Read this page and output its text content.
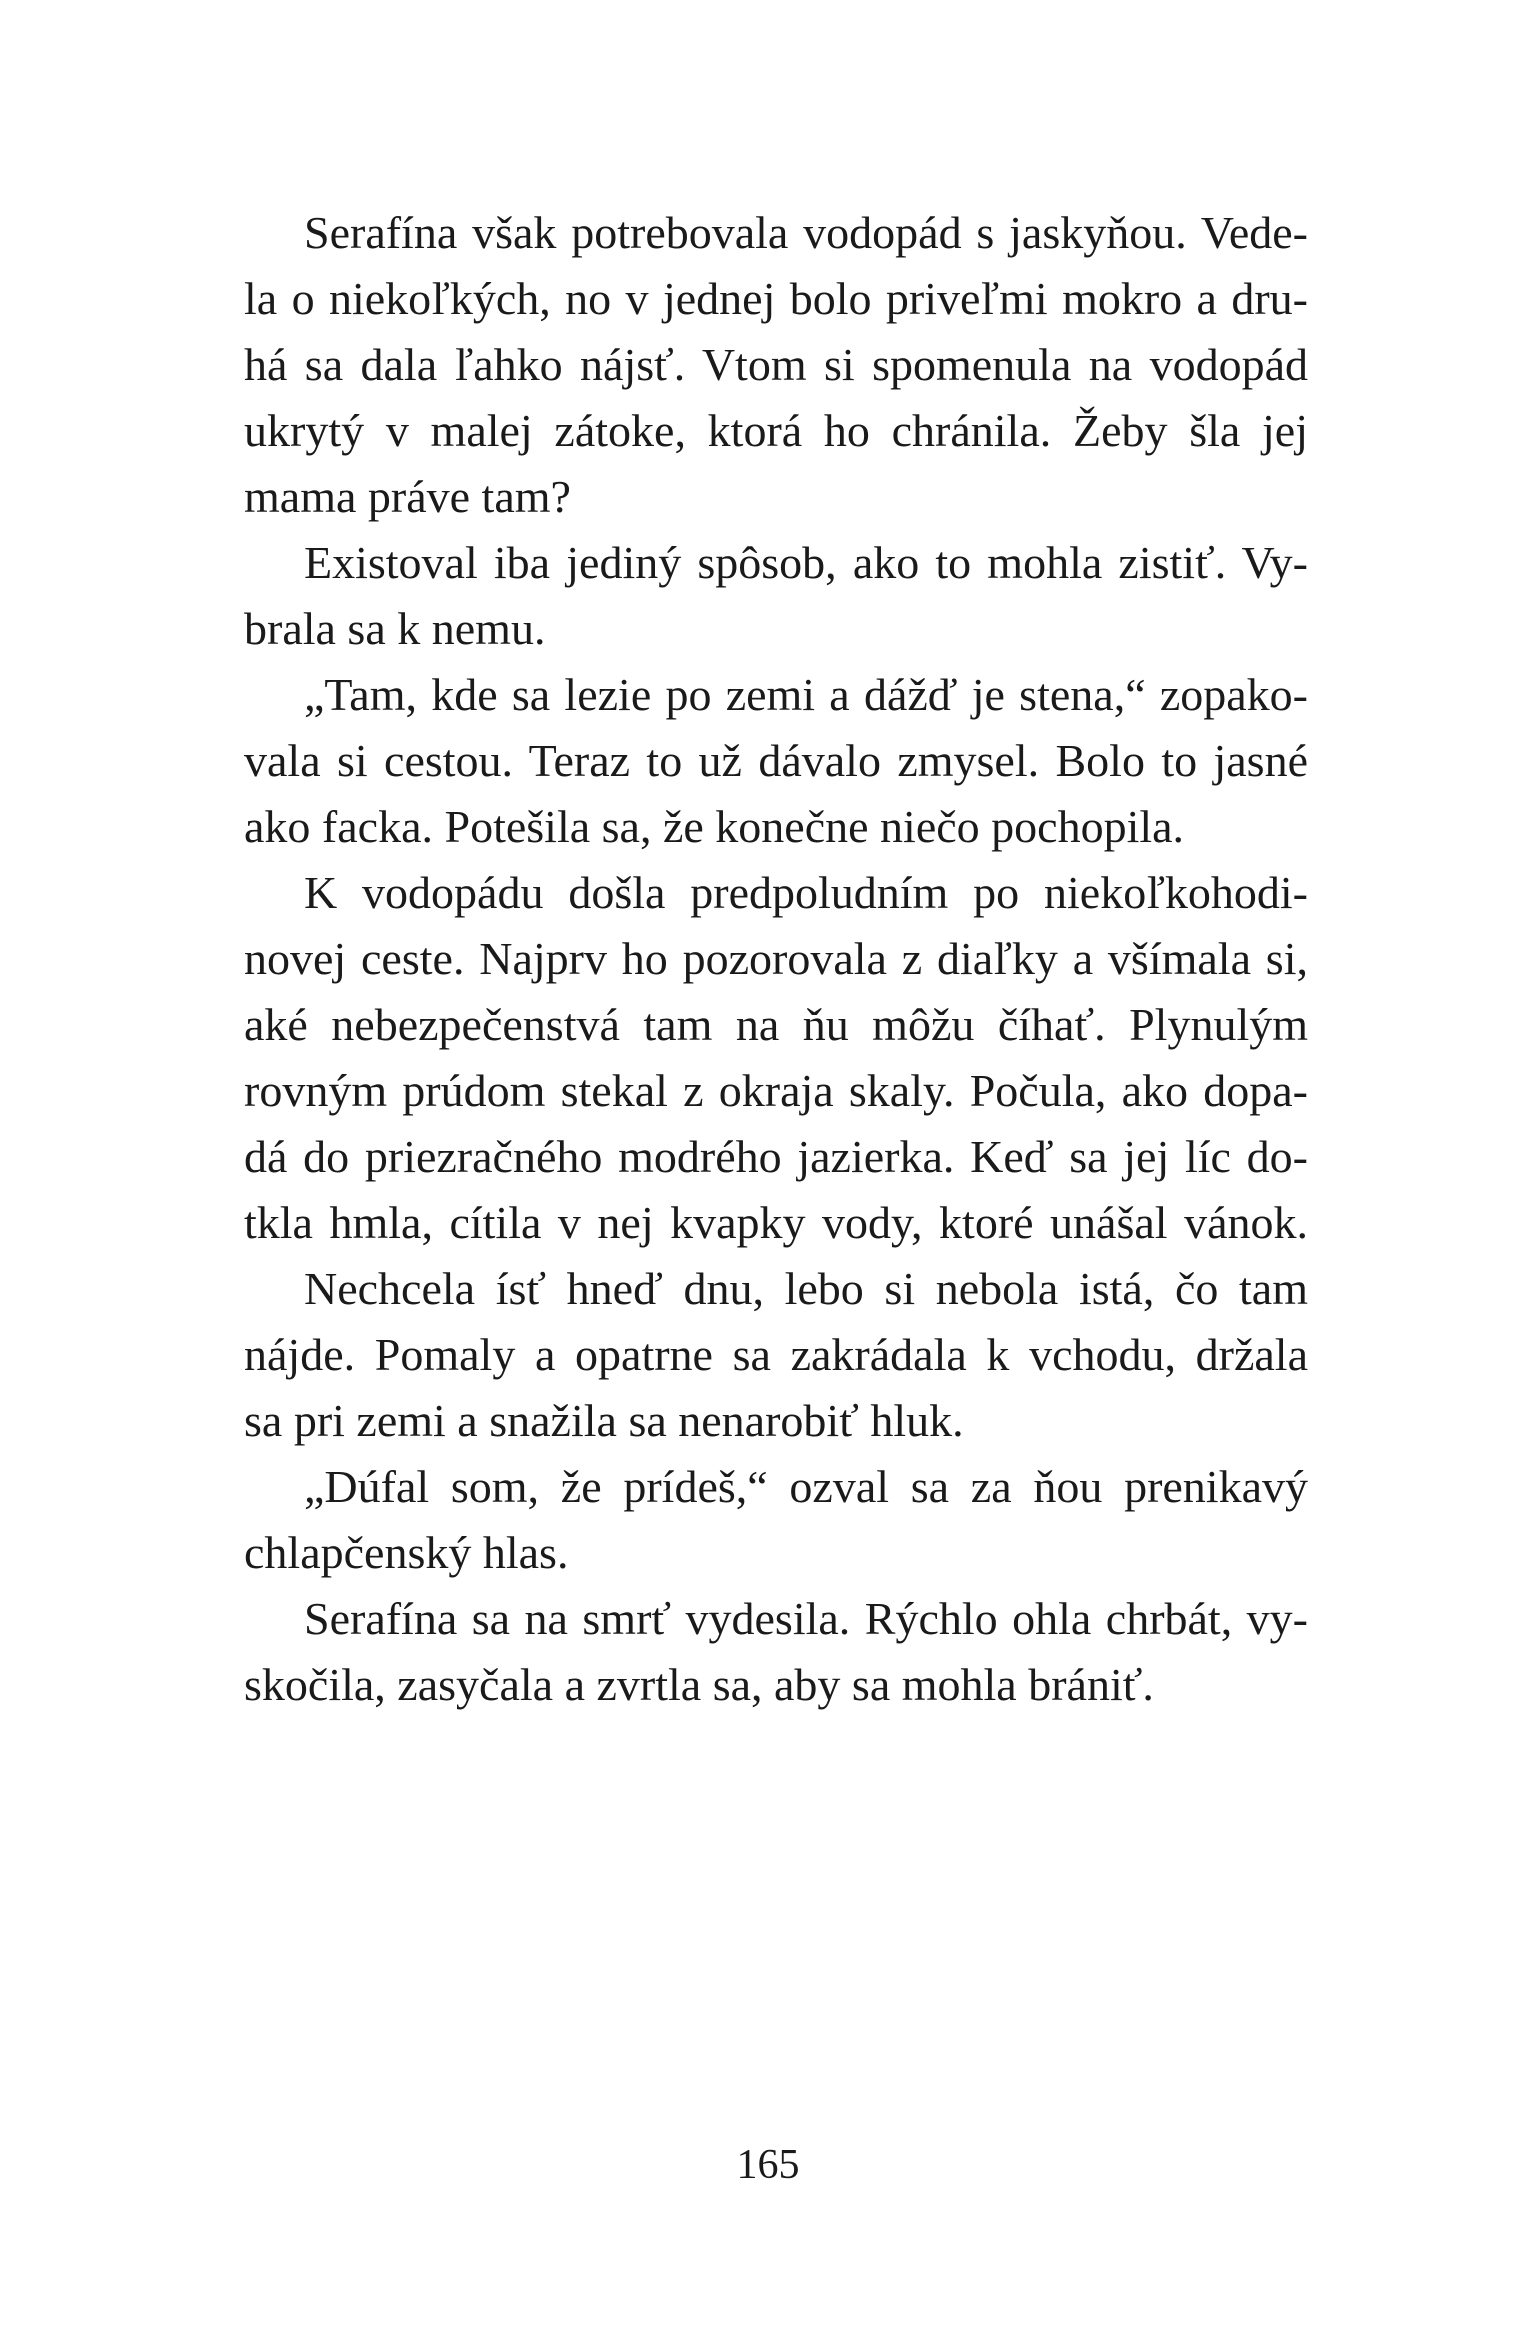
Serafína však potrebovala vodopád s jaskyňou. Vede-

la o niekoľkých, no v jednej bolo priveľmi mokro a dru-

há sa dala ľahko nájsť. Vtom si spomenula na vodopád

ukrytý v malej zátoke, ktorá ho chránila. Žeby šla jej

mama práve tam?

Existoval iba jediný spôsob, ako to mohla zistiť. Vy-

brala sa k nemu.

„Tam, kde sa lezie po zemi a dážď je stena,“ zopako-

vala si cestou. Teraz to už dávalo zmysel. Bolo to jasné

ako facka. Potešila sa, že konečne niečo pochopila.

K vodopádu došla predpoludním po niekoľkohodi-

novej ceste. Najprv ho pozorovala z diaľky a všímala si,

aké nebezpečenstvá tam na ňu môžu číhať. Plynulým

rovným prúdom stekal z okraja skaly. Počula, ako dopa-

dá do priezračného modrého jazierka. Keď sa jej líc do-

tkla hmla, cítila v nej kvapky vody, ktoré unášal vánok.

Nechcela ísť hneď dnu, lebo si nebola istá, čo tam

nájde. Pomaly a opatrne sa zakrádala k vchodu, držala

sa pri zemi a snažila sa nenarobiť hluk.

„Dúfal som, že prídeš,“ ozval sa za ňou prenikavý

chlapčenský hlas.

Serafína sa na smrť vydesila. Rýchlo ohla chrbát, vy-

skočila, zasyčala a zvrtla sa, aby sa mohla brániť.

165
